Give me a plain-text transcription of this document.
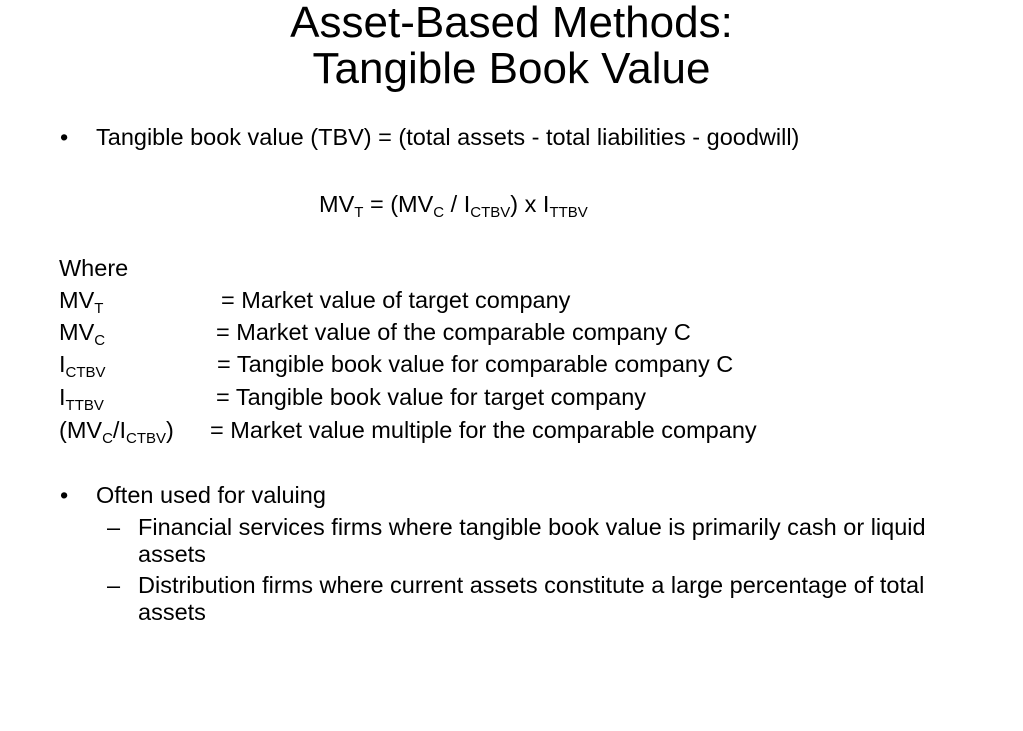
Asset-Based Methods:
Tangible Book Value
• Tangible book value (TBV) = (total assets - total liabilities - goodwill)
$MV_T = (MV_C / I_{CTBV})$ x $I_{TTBV}$
Where
$MV_T$	= Market value of target company
$MV_C$	= Market value of the comparable company C
$I_{CTBV}$	= Tangible book value for comparable company C
$I_{TTBV}$	= Tangible book value for target company
$(MV_C/I_{CTBV})$ = Market value multiple for the comparable company
• Often used for valuing
– Financial services firms where tangible book value is primarily cash or liquid assets
– Distribution firms where current assets constitute a large percentage of total assets
